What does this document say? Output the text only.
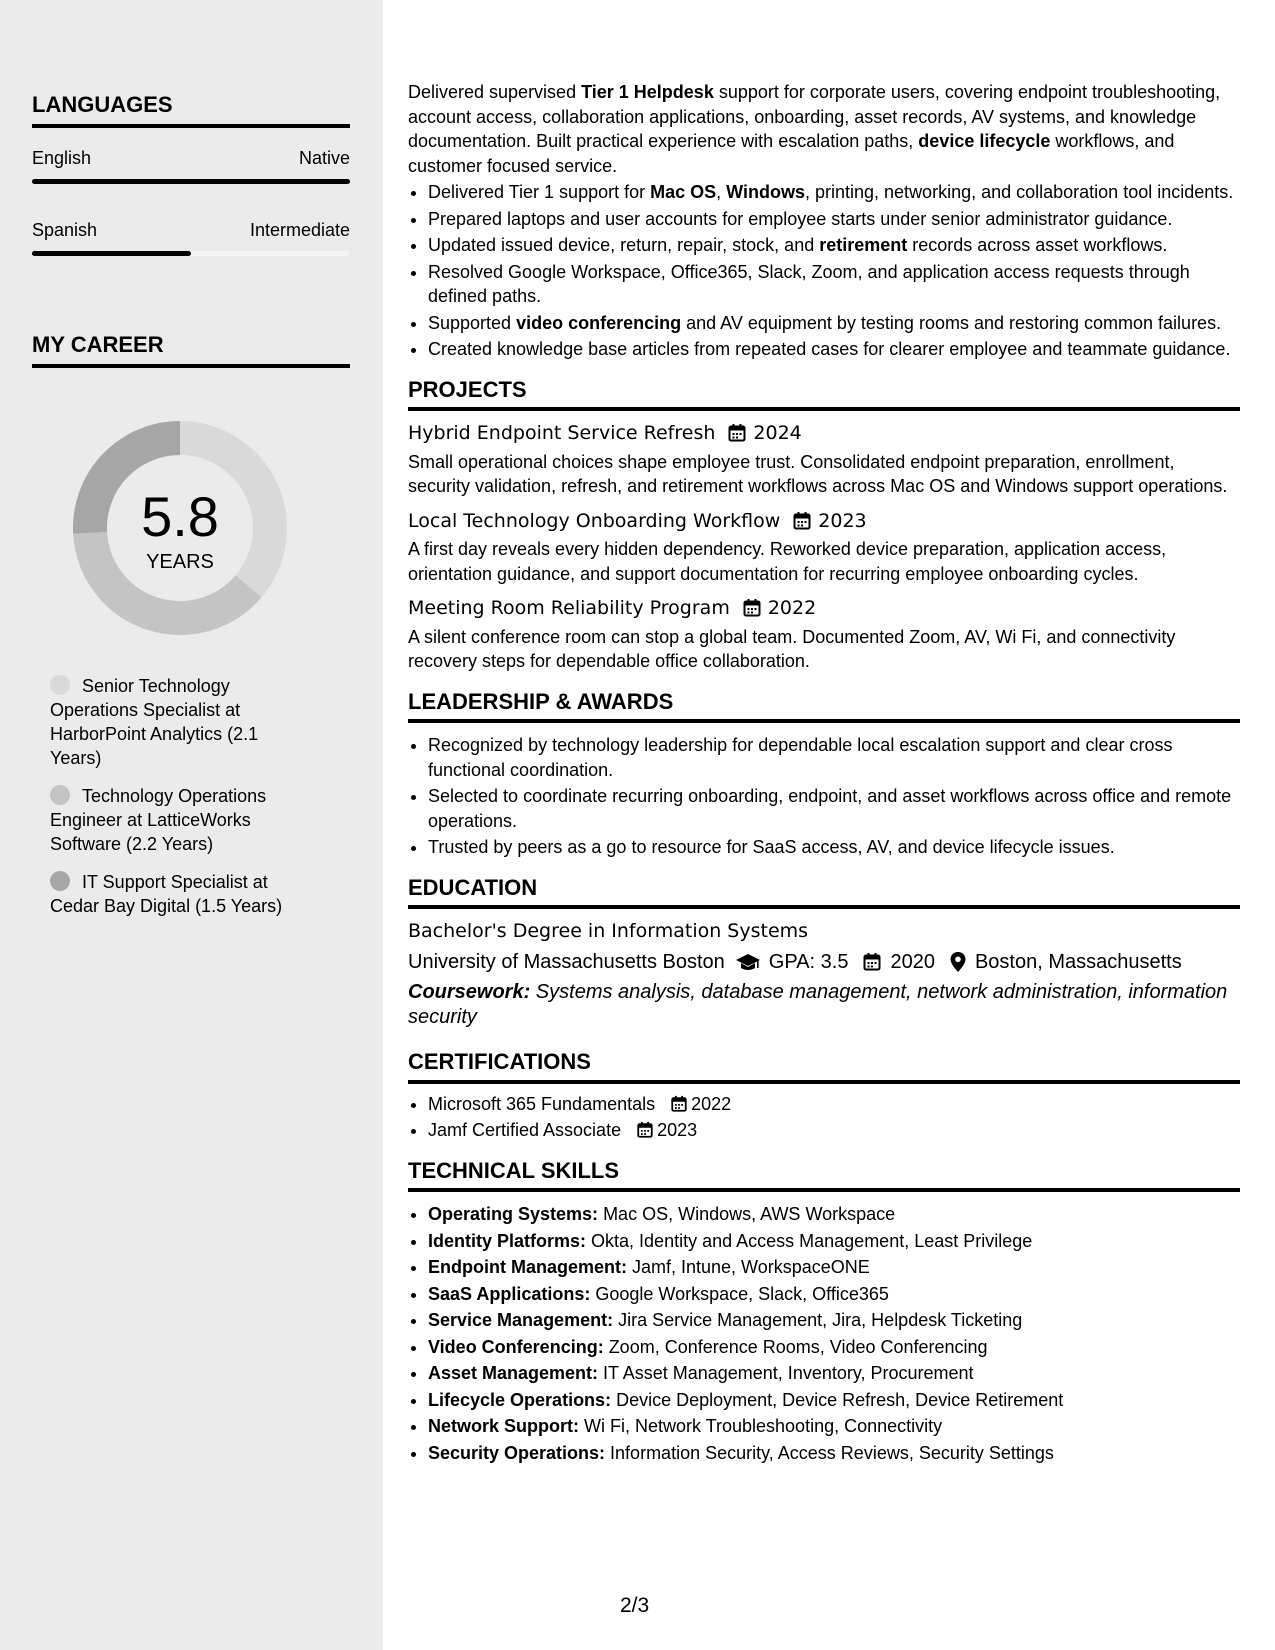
LANGUAGES
English	Native
Spanish	Intermediate
MY CAREER
5.8
YEARS
Senior Technology Operations Specialist at HarborPoint Analytics (2.1 Years)
Technology Operations Engineer at LatticeWorks Software (2.2 Years)
IT Support Specialist at Cedar Bay Digital (1.5 Years)

Delivered supervised Tier 1 Helpdesk support for corporate users, covering endpoint troubleshooting, account access, collaboration applications, onboarding, asset records, AV systems, and knowledge documentation. Built practical experience with escalation paths, device lifecycle workflows, and customer focused service.

• Delivered Tier 1 support for Mac OS, Windows, printing, networking, and collaboration tool incidents.
• Prepared laptops and user accounts for employee starts under senior administrator guidance.
• Updated issued device, return, repair, stock, and retirement records across asset workflows.
• Resolved Google Workspace, Office365, Slack, Zoom, and application access requests through defined paths.
• Supported video conferencing and AV equipment by testing rooms and restoring common failures.
• Created knowledge base articles from repeated cases for clearer employee and teammate guidance.
PROJECTS
Hybrid Endpoint Service Refresh 2024
Small operational choices shape employee trust. Consolidated endpoint preparation, enrollment, security validation, refresh, and retirement workflows across Mac OS and Windows support operations.
Local Technology Onboarding Workflow 2023
A first day reveals every hidden dependency. Reworked device preparation, application access, orientation guidance, and support documentation for recurring employee onboarding cycles.
Meeting Room Reliability Program 2022
A silent conference room can stop a global team. Documented Zoom, AV, Wi Fi, and connectivity recovery steps for dependable office collaboration.
LEADERSHIP & AWARDS
• Recognized by technology leadership for dependable local escalation support and clear cross functional coordination.
• Selected to coordinate recurring onboarding, endpoint, and asset workflows across office and remote operations.
• Trusted by peers as a go to resource for SaaS access, AV, and device lifecycle issues.
EDUCATION
Bachelor's Degree in Information Systems
University of Massachusetts Boston GPA: 3.5 2020 Boston, Massachusetts
Coursework: Systems analysis, database management, network administration, information security
CERTIFICATIONS
• Microsoft 365 Fundamentals 2022
• Jamf Certified Associate 2023
TECHNICAL SKILLS
• Operating Systems: Mac OS, Windows, AWS Workspace
• Identity Platforms: Okta, Identity and Access Management, Least Privilege
• Endpoint Management: Jamf, Intune, WorkspaceONE
• SaaS Applications: Google Workspace, Slack, Office365
• Service Management: Jira Service Management, Jira, Helpdesk Ticketing
• Video Conferencing: Zoom, Conference Rooms, Video Conferencing
• Asset Management: IT Asset Management, Inventory, Procurement
• Lifecycle Operations: Device Deployment, Device Refresh, Device Retirement
• Network Support: Wi Fi, Network Troubleshooting, Connectivity
• Security Operations: Information Security, Access Reviews, Security Settings
2/3
